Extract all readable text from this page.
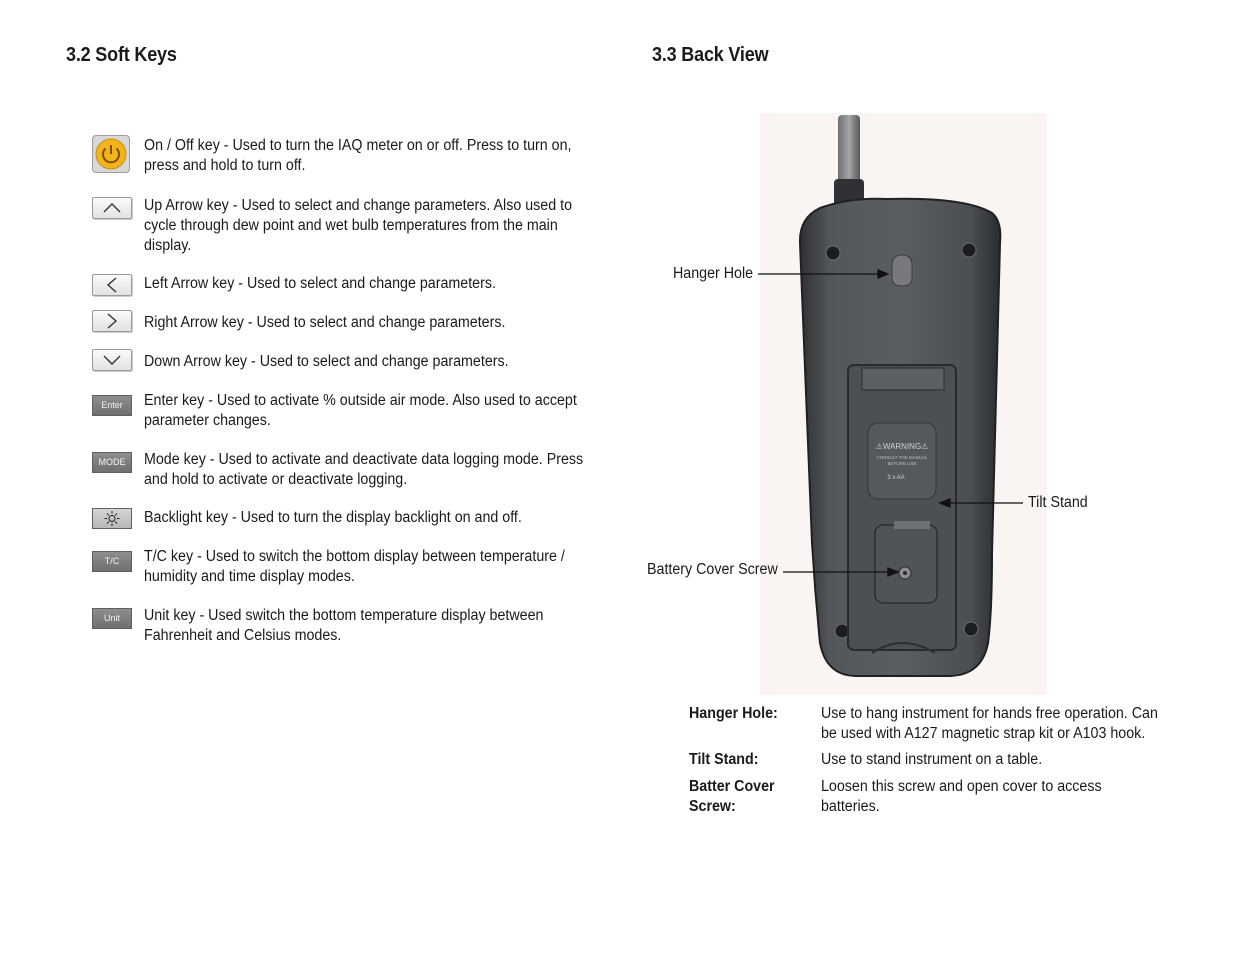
3.2 Soft Keys	3.3 Back View
On / Off key - Used to turn the IAQ meter on or off. Press to turn on, press and hold to turn off.
Up Arrow key - Used to select and change parameters. Also used to cycle through dew point and wet bulb temperatures from the main display.
Left Arrow key - Used to select and change parameters.
Right Arrow key - Used to select and change parameters.
Down Arrow key - Used to select and change parameters.
Enter	Enter key - Used to activate % outside air mode. Also used to accept parameter changes.
MODE	Mode key - Used to activate and deactivate data logging mode. Press and hold to activate or deactivate logging.
Backlight key - Used to turn the display backlight on and off.
T/C	T/C key - Used to switch the bottom display between temperature / humidity and time display modes.
Unit	Unit key - Used switch the bottom temperature display between Fahrenheit and Celsius modes.
⚠WARNING⚠
CONSULT THE MANUAL
BEFORE USE
3 x AA
Hanger Hole
Tilt Stand
Battery Cover Screw
Hanger Hole:	Use to hang instrument for hands free operation. Can be used with A127 magnetic strap kit or A103 hook.
Tilt Stand:	Use to stand instrument on a table.
Batter Cover Screw:
Loosen this screw and open cover to access batteries.
